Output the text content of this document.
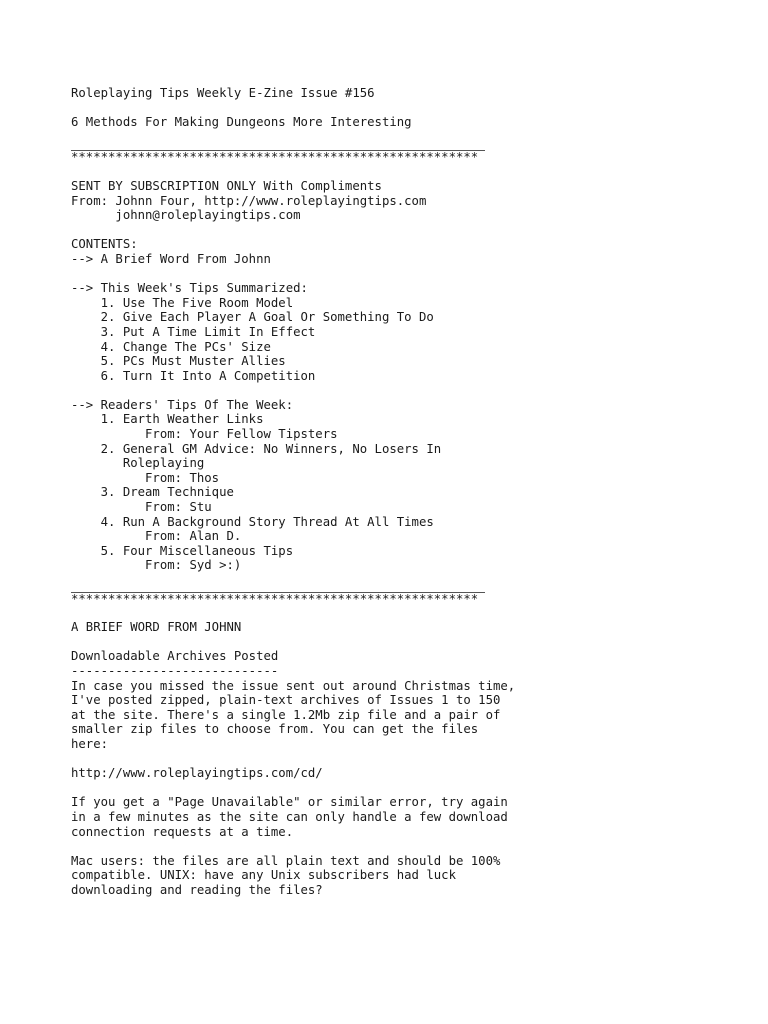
Roleplaying Tips Weekly E-Zine Issue #156
6 Methods For Making Dungeons More Interesting
*******************************************************
SENT BY SUBSCRIPTION ONLY With Compliments
From: Johnn Four, http://www.roleplayingtips.com
johnn@roleplayingtips.com
CONTENTS:
--> A Brief Word From Johnn
--> This Week's Tips Summarized:
1. Use The Five Room Model
2. Give Each Player A Goal Or Something To Do
3. Put A Time Limit In Effect
4. Change The PCs' Size
5. PCs Must Muster Allies
6. Turn It Into A Competition
--> Readers' Tips Of The Week:
1. Earth Weather Links
From: Your Fellow Tipsters
2. General GM Advice: No Winners, No Losers In
Roleplaying
From: Thos
3. Dream Technique
From: Stu
4. Run A Background Story Thread At All Times
From: Alan D.
5. Four Miscellaneous Tips
From: Syd >:)
*******************************************************
A BRIEF WORD FROM JOHNN
Downloadable Archives Posted
----------------------------
In case you missed the issue sent out around Christmas time,
I've posted zipped, plain-text archives of Issues 1 to 150
at the site. There's a single 1.2Mb zip file and a pair of
smaller zip files to choose from. You can get the files
here:
http://www.roleplayingtips.com/cd/
If you get a "Page Unavailable" or similar error, try again
in a few minutes as the site can only handle a few download
connection requests at a time.
Mac users: the files are all plain text and should be 100%
compatible. UNIX: have any Unix subscribers had luck
downloading and reading the files?
